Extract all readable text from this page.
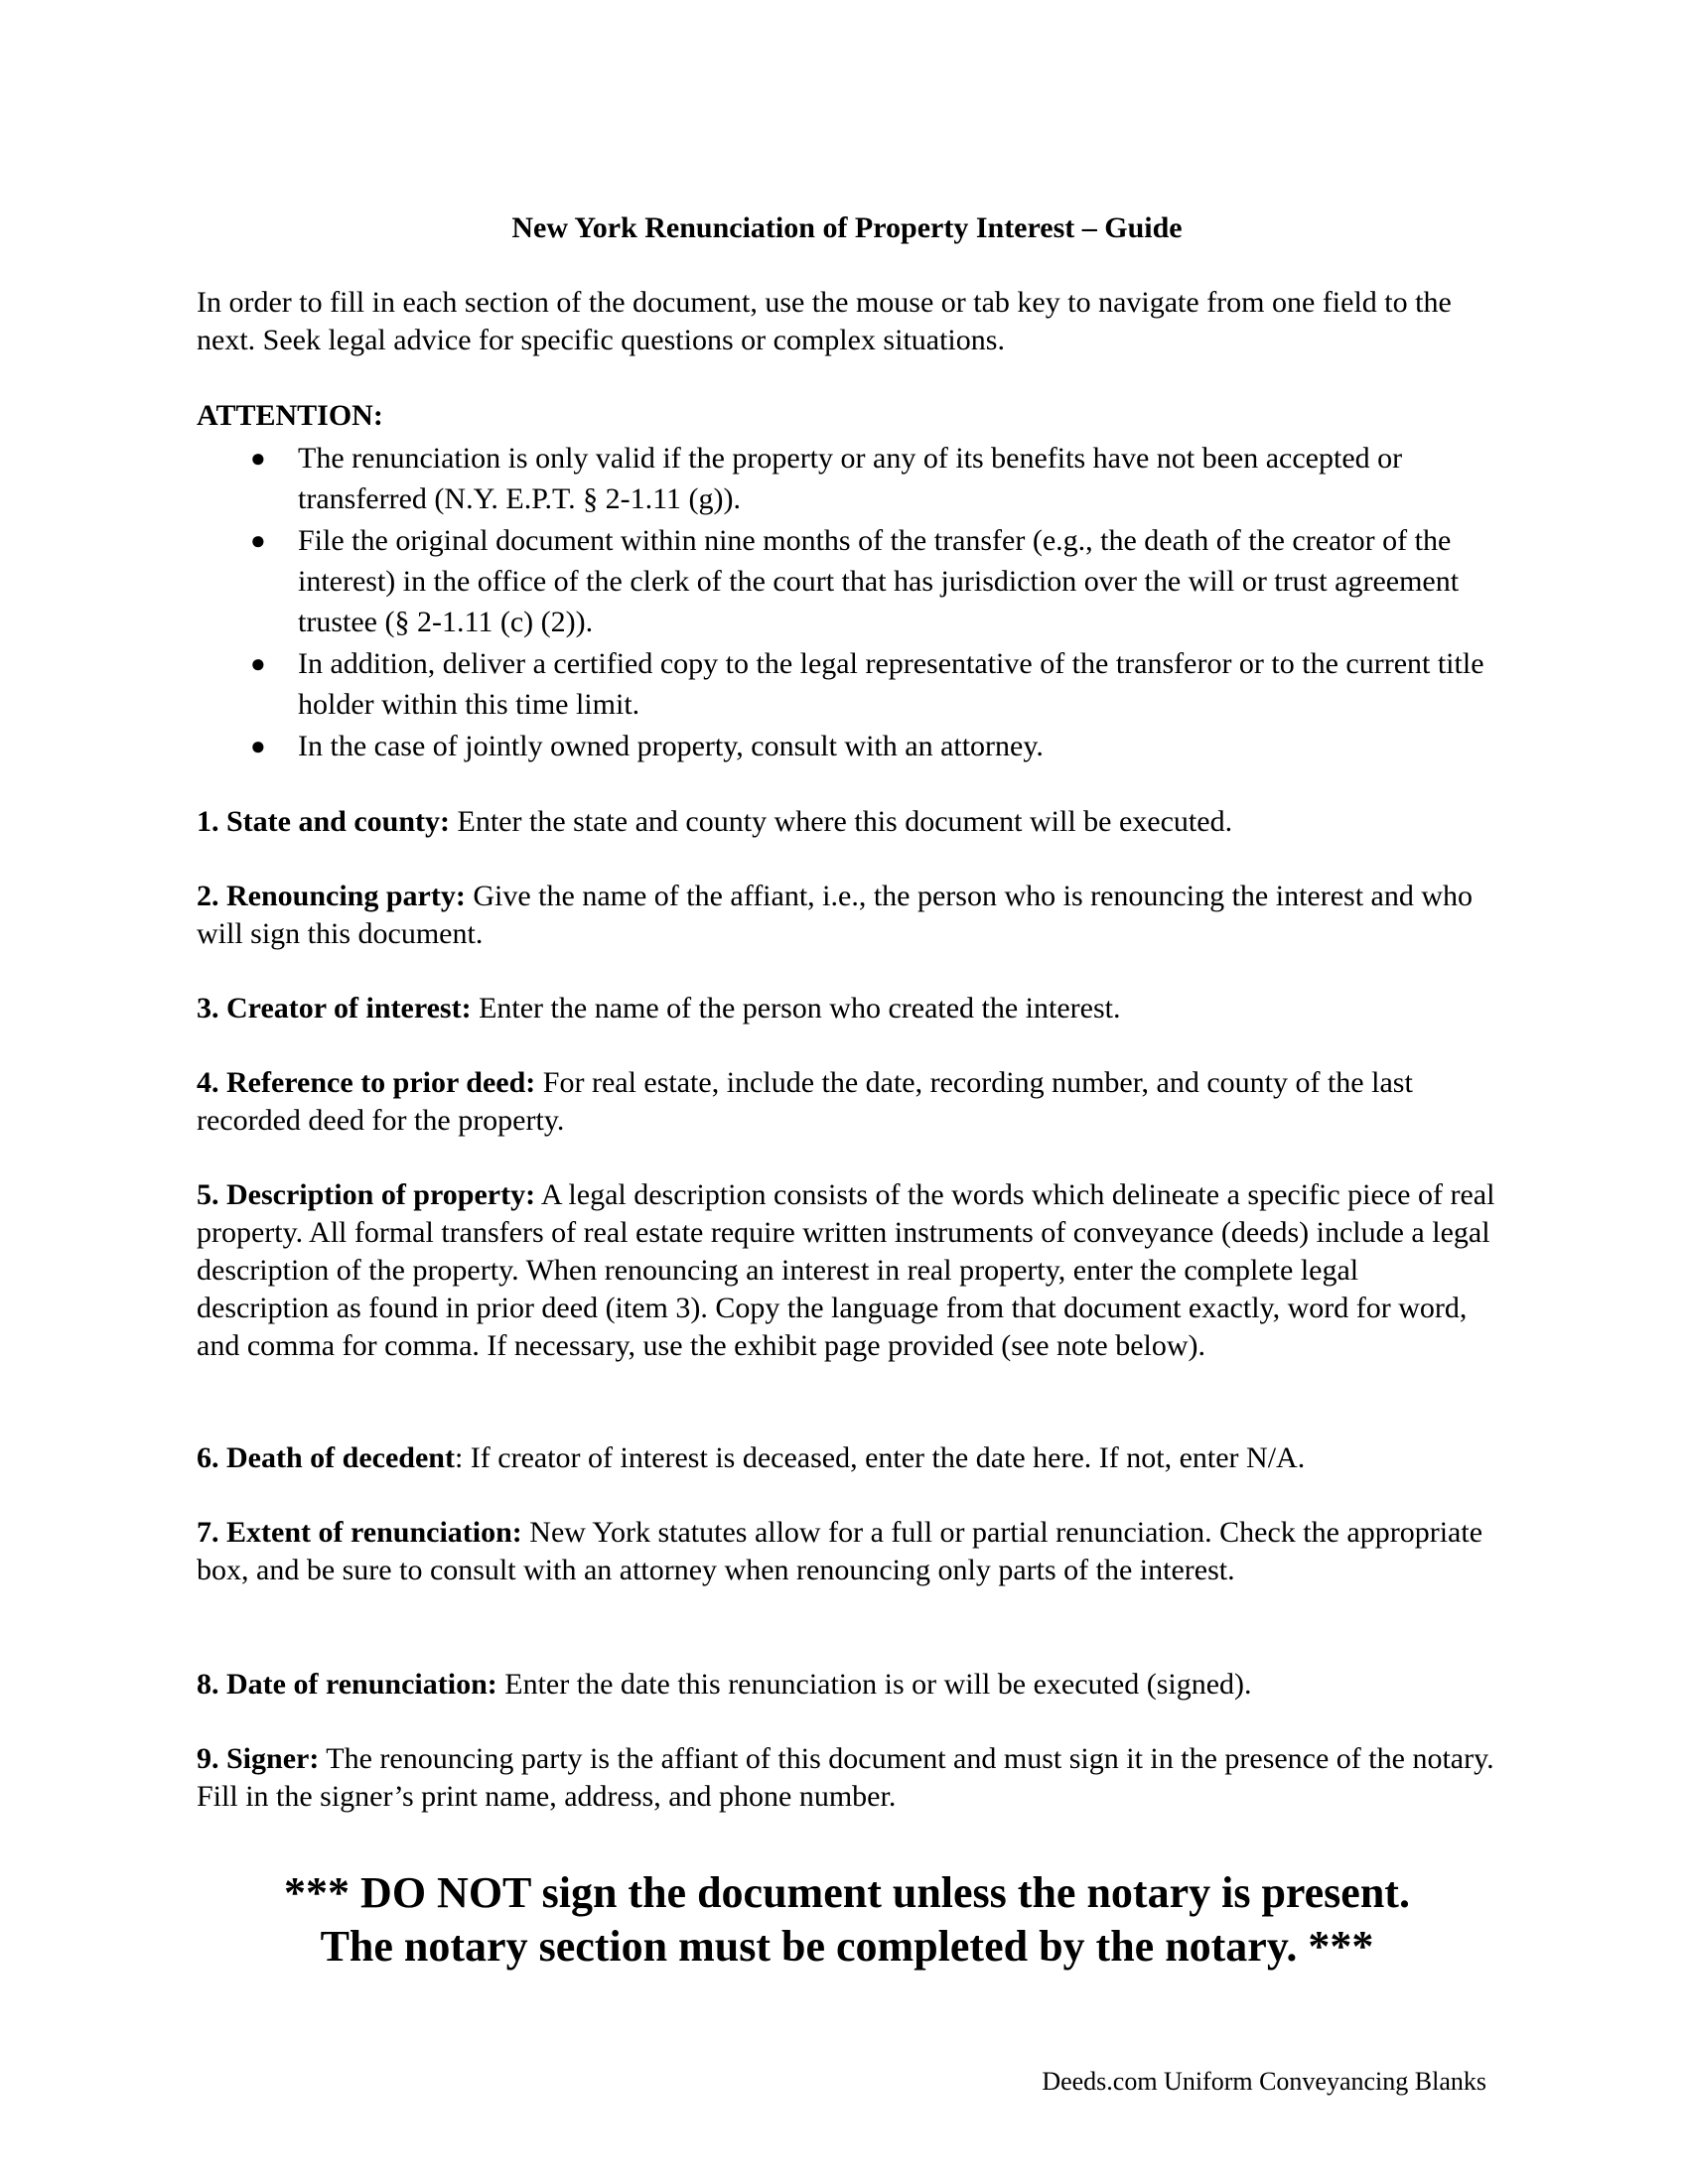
New York Renunciation of Property Interest – Guide
In order to fill in each section of the document, use the mouse or tab key to navigate from one field to the next. Seek legal advice for specific questions or complex situations.
ATTENTION:
● The renunciation is only valid if the property or any of its benefits have not been accepted or transferred (N.Y. E.P.T. § 2-1.11 (g)).
● File the original document within nine months of the transfer (e.g., the death of the creator of the interest) in the office of the clerk of the court that has jurisdiction over the will or trust agreement trustee (§ 2-1.11 (c) (2)).
● In addition, deliver a certified copy to the legal representative of the transferor or to the current title holder within this time limit.
● In the case of jointly owned property, consult with an attorney.
1. State and county: Enter the state and county where this document will be executed.
2. Renouncing party: Give the name of the affiant, i.e., the person who is renouncing the interest and who will sign this document.
3. Creator of interest: Enter the name of the person who created the interest.
4. Reference to prior deed: For real estate, include the date, recording number, and county of the last recorded deed for the property.
5. Description of property: A legal description consists of the words which delineate a specific piece of real property. All formal transfers of real estate require written instruments of conveyance (deeds) include a legal description of the property. When renouncing an interest in real property, enter the complete legal description as found in prior deed (item 3). Copy the language from that document exactly, word for word, and comma for comma. If necessary, use the exhibit page provided (see note below).
6. Death of decedent: If creator of interest is deceased, enter the date here. If not, enter N/A.
7. Extent of renunciation: New York statutes allow for a full or partial renunciation. Check the appropriate box, and be sure to consult with an attorney when renouncing only parts of the interest.
8. Date of renunciation: Enter the date this renunciation is or will be executed (signed).
9. Signer: The renouncing party is the affiant of this document and must sign it in the presence of the notary. Fill in the signer’s print name, address, and phone number.
*** DO NOT sign the document unless the notary is present.
The notary section must be completed by the notary. ***
Deeds.com Uniform Conveyancing Blanks
